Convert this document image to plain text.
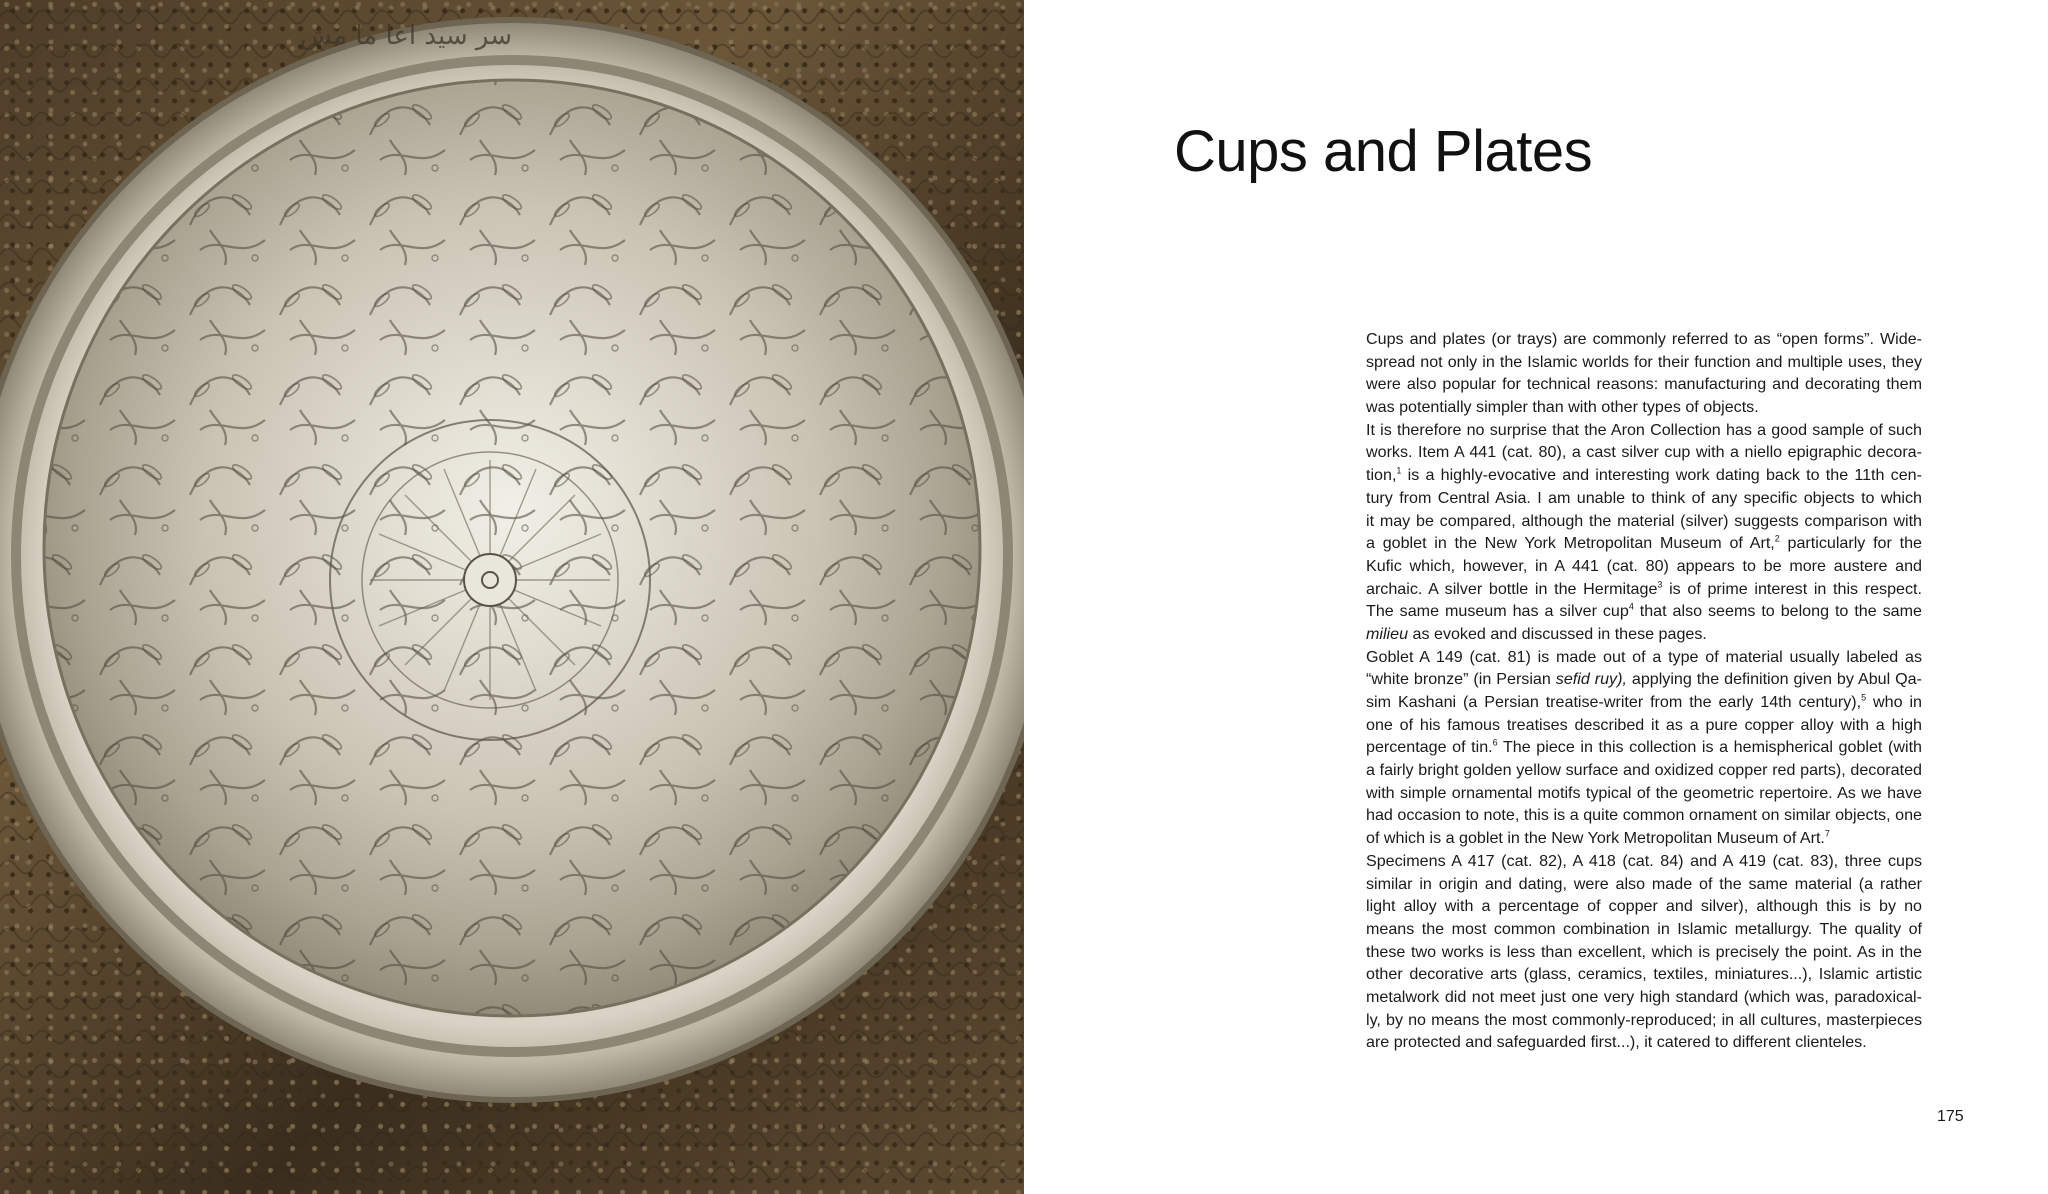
سر سید اعا ما مش
Cups and Plates
Cups and plates (or trays) are commonly referred to as “open forms”. Wide-
spread not only in the Islamic worlds for their function and multiple uses, they
were also popular for technical reasons: manufacturing and decorating them
was potentially simpler than with other types of objects.
It is therefore no surprise that the Aron Collection has a good sample of such
works. Item A 441 (cat. 80), a cast silver cup with a niello epigraphic decora-
tion,$^1$ is a highly-evocative and interesting work dating back to the 11th cen-
tury from Central Asia. I am unable to think of any specific objects to which
it may be compared, although the material (silver) suggests comparison with
a goblet in the New York Metropolitan Museum of Art,$^2$ particularly for the
Kufic which, however, in A 441 (cat. 80) appears to be more austere and
archaic. A silver bottle in the Hermitage$^3$ is of prime interest in this respect.
The same museum has a silver cup$^4$ that also seems to belong to the same
milieu as evoked and discussed in these pages.
Goblet A 149 (cat. 81) is made out of a type of material usually labeled as
“white bronze” (in Persian sefid ruy), applying the definition given by Abul Qa-
sim Kashani (a Persian treatise-writer from the early 14th century),$^5$ who in
one of his famous treatises described it as a pure copper alloy with a high
percentage of tin.$^6$ The piece in this collection is a hemispherical goblet (with
a fairly bright golden yellow surface and oxidized copper red parts), decorated
with simple ornamental motifs typical of the geometric repertoire. As we have
had occasion to note, this is a quite common ornament on similar objects, one
of which is a goblet in the New York Metropolitan Museum of Art.$^7$
Specimens A 417 (cat. 82), A 418 (cat. 84) and A 419 (cat. 83), three cups
similar in origin and dating, were also made of the same material (a rather
light alloy with a percentage of copper and silver), although this is by no
means the most common combination in Islamic metallurgy. The quality of
these two works is less than excellent, which is precisely the point. As in the
other decorative arts (glass, ceramics, textiles, miniatures...), Islamic artistic
metalwork did not meet just one very high standard (which was, paradoxical-
ly, by no means the most commonly-reproduced; in all cultures, masterpieces
are protected and safeguarded first...), it catered to different clienteles.
175
